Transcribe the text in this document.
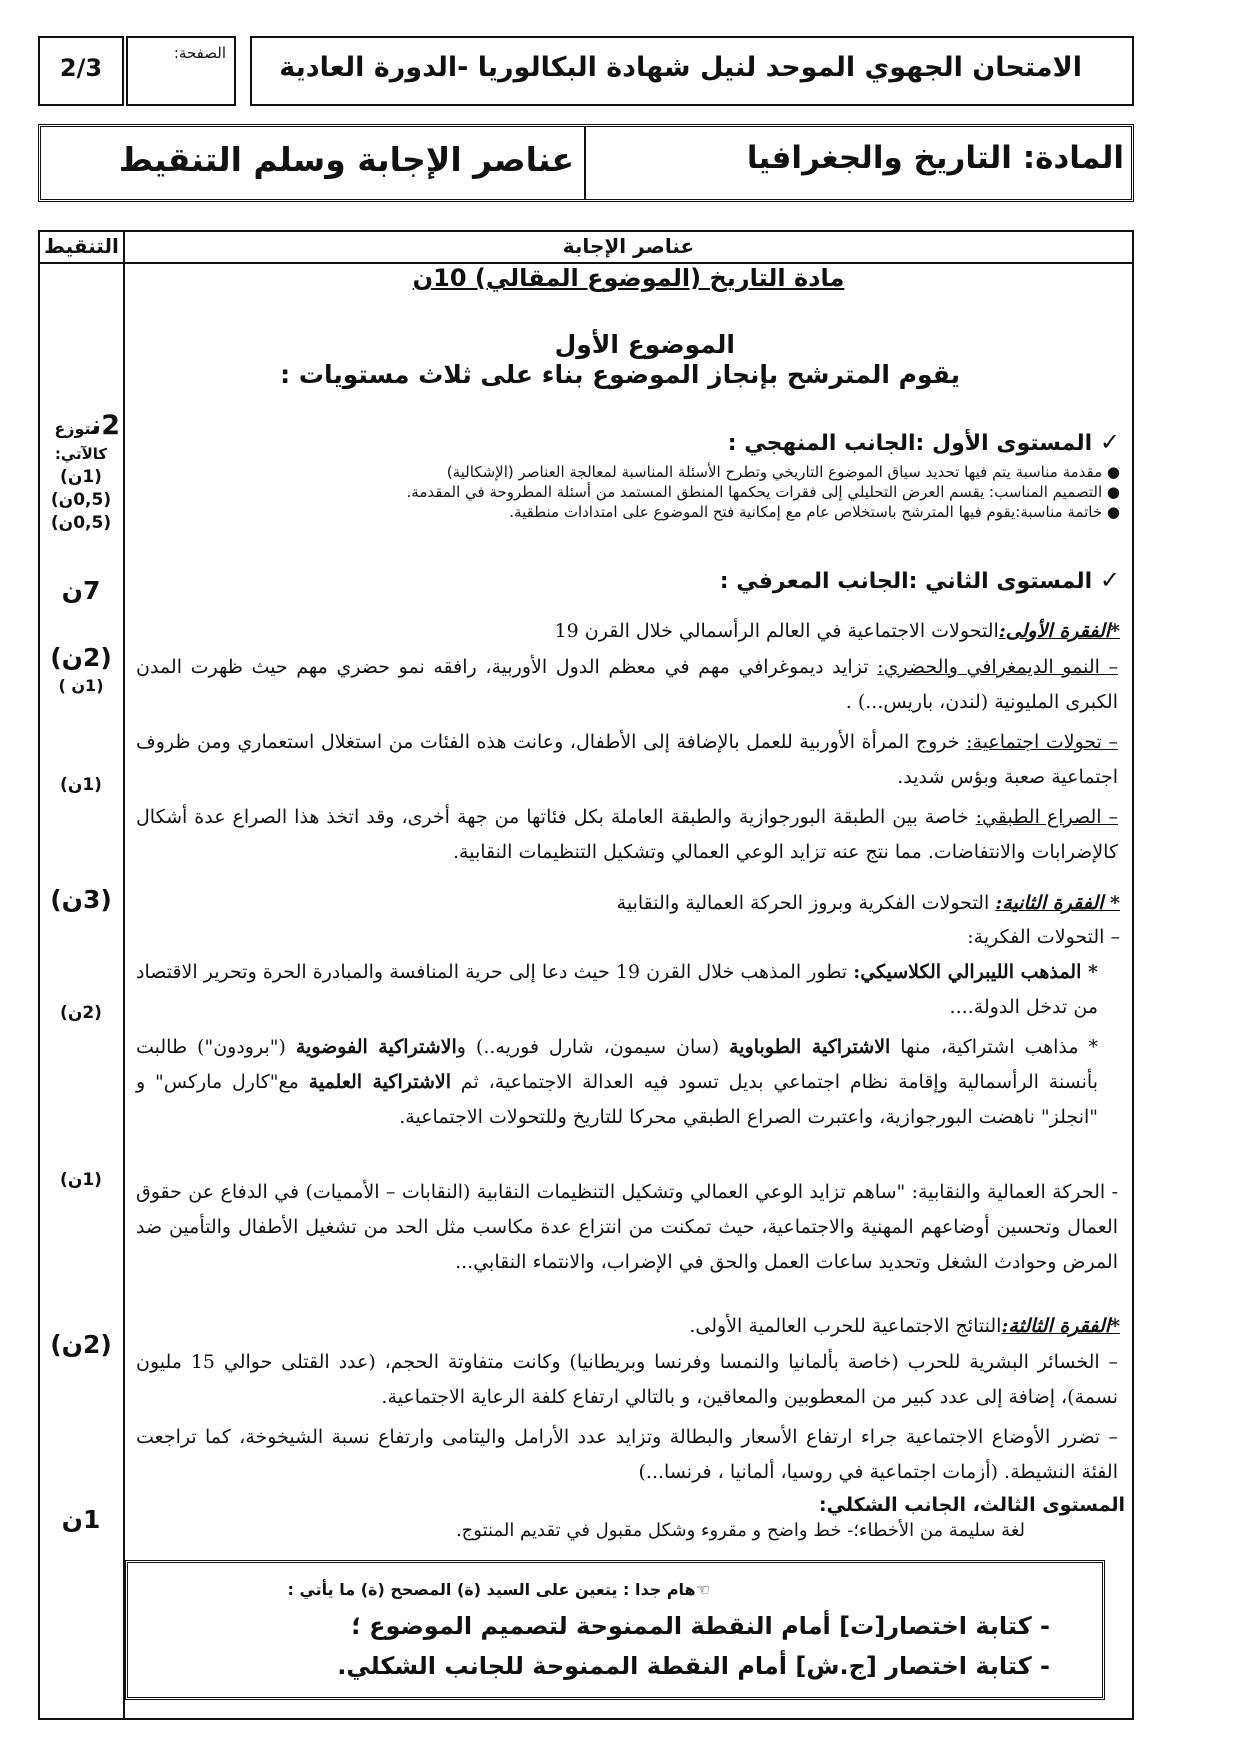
2/3
الصفحة: الامتحان الجهوي الموحد لنيل شهادة البكالوريا -الدورة العادية
المادة: التاريخ والجغرافيا
عناصر الإجابة وسلم التنقيط
عناصر الإجابة
التنقيط
2نتوزع
كالآتي:
(1ن)
(0,5ن)
(0,5ن)
7ن
(2ن)
(1ن )
(1ن)
(3ن)
(2ن)
(1ن)
(2ن)
1ن
مادة التاريخ (الموضوع المقالي) 10ن
الموضوع الأول
يقوم المترشح بإنجاز الموضوع بناء على ثلاث مستويات :
✓ المستوى الأول :الجانب المنهجي :
● مقدمة مناسبة يتم فيها تحديد سياق الموضوع التاريخي وتطرح الأسئلة المناسبة لمعالجة العناصر (الإشكالية)
● التصميم المناسب: يقسم العرض التحليلي إلى فقرات يحكمها المنطق المستمد من أسئلة المطروحة في المقدمة.
● خاتمة مناسبة:يقوم فيها المترشح باستخلاص عام مع إمكانية فتح الموضوع على امتدادات منطقية.
✓ المستوى الثاني :الجانب المعرفي :
*الفقرة الأولى:التحولات الاجتماعية في العالم الرأسمالي خلال القرن 19
– النمو الديمغرافي والحضري: تزايد ديموغرافي مهم في معظم الدول الأوربية، رافقه نمو حضري مهم حيث ظهرت المدن الكبرى المليونية (لندن، باريس...) .
– تحولات اجتماعية: خروج المرأة الأوربية للعمل بالإضافة إلى الأطفال، وعانت هذه الفئات من استغلال استعماري ومن ظروف اجتماعية صعبة وبؤس شديد.
– الصراع الطبقي: خاصة بين الطبقة البورجوازية والطبقة العاملة بكل فئاتها من جهة أخرى، وقد اتخذ هذا الصراع عدة أشكال كالإضرابات والانتفاضات. مما نتج عنه تزايد الوعي العمالي وتشكيل التنظيمات النقابية.
* الفقرة الثانية: التحولات الفكرية وبروز الحركة العمالية والنقابية
– التحولات الفكرية:
* المذهب الليبرالي الكلاسيكي: تطور المذهب خلال القرن 19 حيث دعا إلى حرية المنافسة والمبادرة الحرة وتحرير الاقتصاد من تدخل الدولة....
* مذاهب اشتراكية، منها الاشتراكية الطوباوية (سان سيمون، شارل فوريه..) والاشتراكية الفوضوية ("برودون") طالبت بأنسنة الرأسمالية وإقامة نظام اجتماعي بديل تسود فيه العدالة الاجتماعية، ثم الاشتراكية العلمية مع"كارل ماركس" و "انجلز" ناهضت البورجوازية، واعتبرت الصراع الطبقي محركا للتاريخ وللتحولات الاجتماعية.
- الحركة العمالية والنقابية: "ساهم تزايد الوعي العمالي وتشكيل التنظيمات النقابية (النقابات – الأمميات) في الدفاع عن حقوق العمال وتحسين أوضاعهم المهنية والاجتماعية، حيث تمكنت من انتزاع عدة مكاسب مثل الحد من تشغيل الأطفال والتأمين ضد المرض وحوادث الشغل وتحديد ساعات العمل والحق في الإضراب، والانتماء النقابي...
*الفقرة الثالثة:النتائج الاجتماعية للحرب العالمية الأولى.
– الخسائر البشرية للحرب (خاصة بألمانيا والنمسا وفرنسا وبريطانيا) وكانت متفاوتة الحجم، (عدد القتلى حوالي 15 مليون نسمة)، إضافة إلى عدد كبير من المعطوبين والمعاقين، و بالتالي ارتفاع كلفة الرعاية الاجتماعية.
– تضرر الأوضاع الاجتماعية جراء ارتفاع الأسعار والبطالة وتزايد عدد الأرامل واليتامى وارتفاع نسبة الشيخوخة، كما تراجعت الفئة النشيطة. (أزمات اجتماعية في روسيا، ألمانيا ، فرنسا...)
المستوى الثالث، الجانب الشكلي:
لغة سليمة من الأخطاء؛- خط واضح و مقروء وشكل مقبول في تقديم المنتوج.
☜هام جدا : يتعين على السيد (ة) المصحح (ة) ما يأتي :
- كتابة اختصار[ت] أمام النقطة الممنوحة لتصميم الموضوع ؛
- كتابة اختصار [ج.ش] أمام النقطة الممنوحة للجانب الشكلي.
